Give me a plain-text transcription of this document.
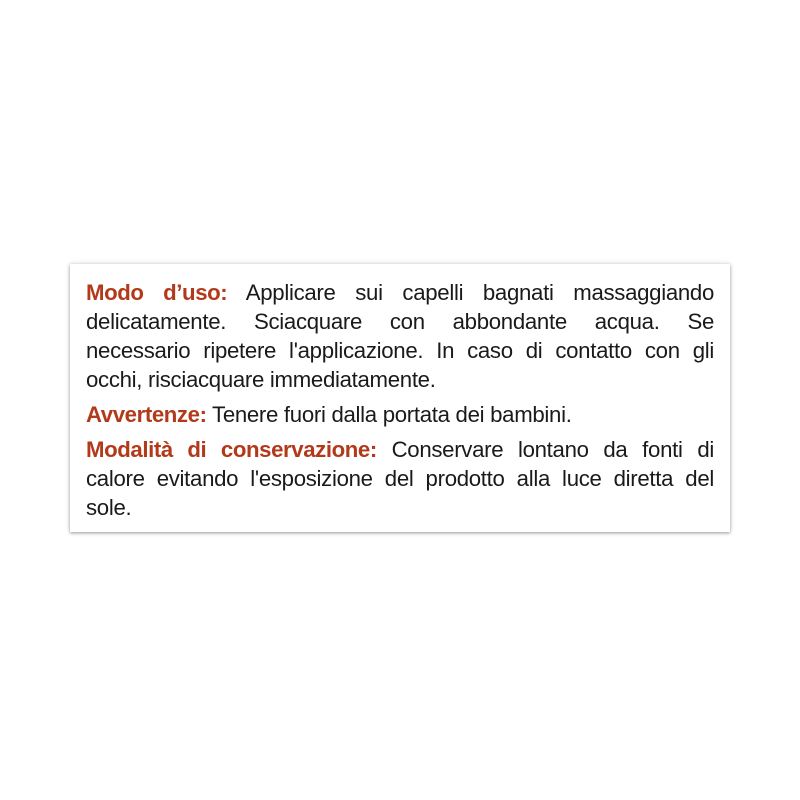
Modo d’uso: Applicare sui capelli bagnati massaggiando delicatamente. Sciacquare con abbondante acqua. Se necessario ripetere l'applicazione. In caso di contatto con gli occhi, risciacquare immediatamente.

Avvertenze: Tenere fuori dalla portata dei bambini.

Modalità di conservazione: Conservare lontano da fonti di calore evitando l'esposizione del prodotto alla luce diretta del sole.
